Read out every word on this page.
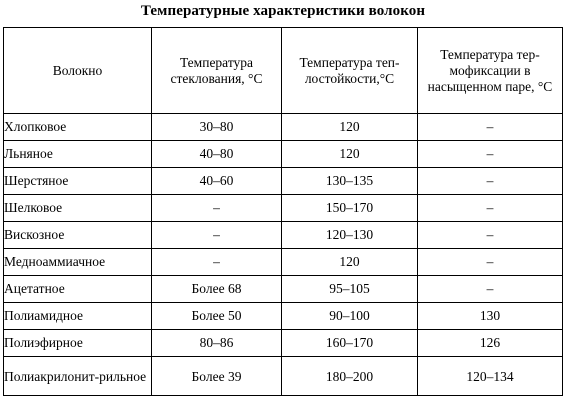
Температурные характеристики волокон
Волокно	Температура стеклования, °С	Температура теп-лостойкости,°С	Температура тер-мофиксации в насыщенном паре, °С
Хлопковое	30–80	120	–
Льняное	40–80	120	–
Шерстяное	40–60	130–135	–
Шелковое	–	150–170	–
Вискозное	–	120–130	–
Медноаммиачное	–	120	–
Ацетатное	Более 68	95–105	–
Полиамидное	Более 50	90–100	130
Полиэфирное	80–86	160–170	126
Полиакрилонит-рильное	Более 39	180–200	120–134
